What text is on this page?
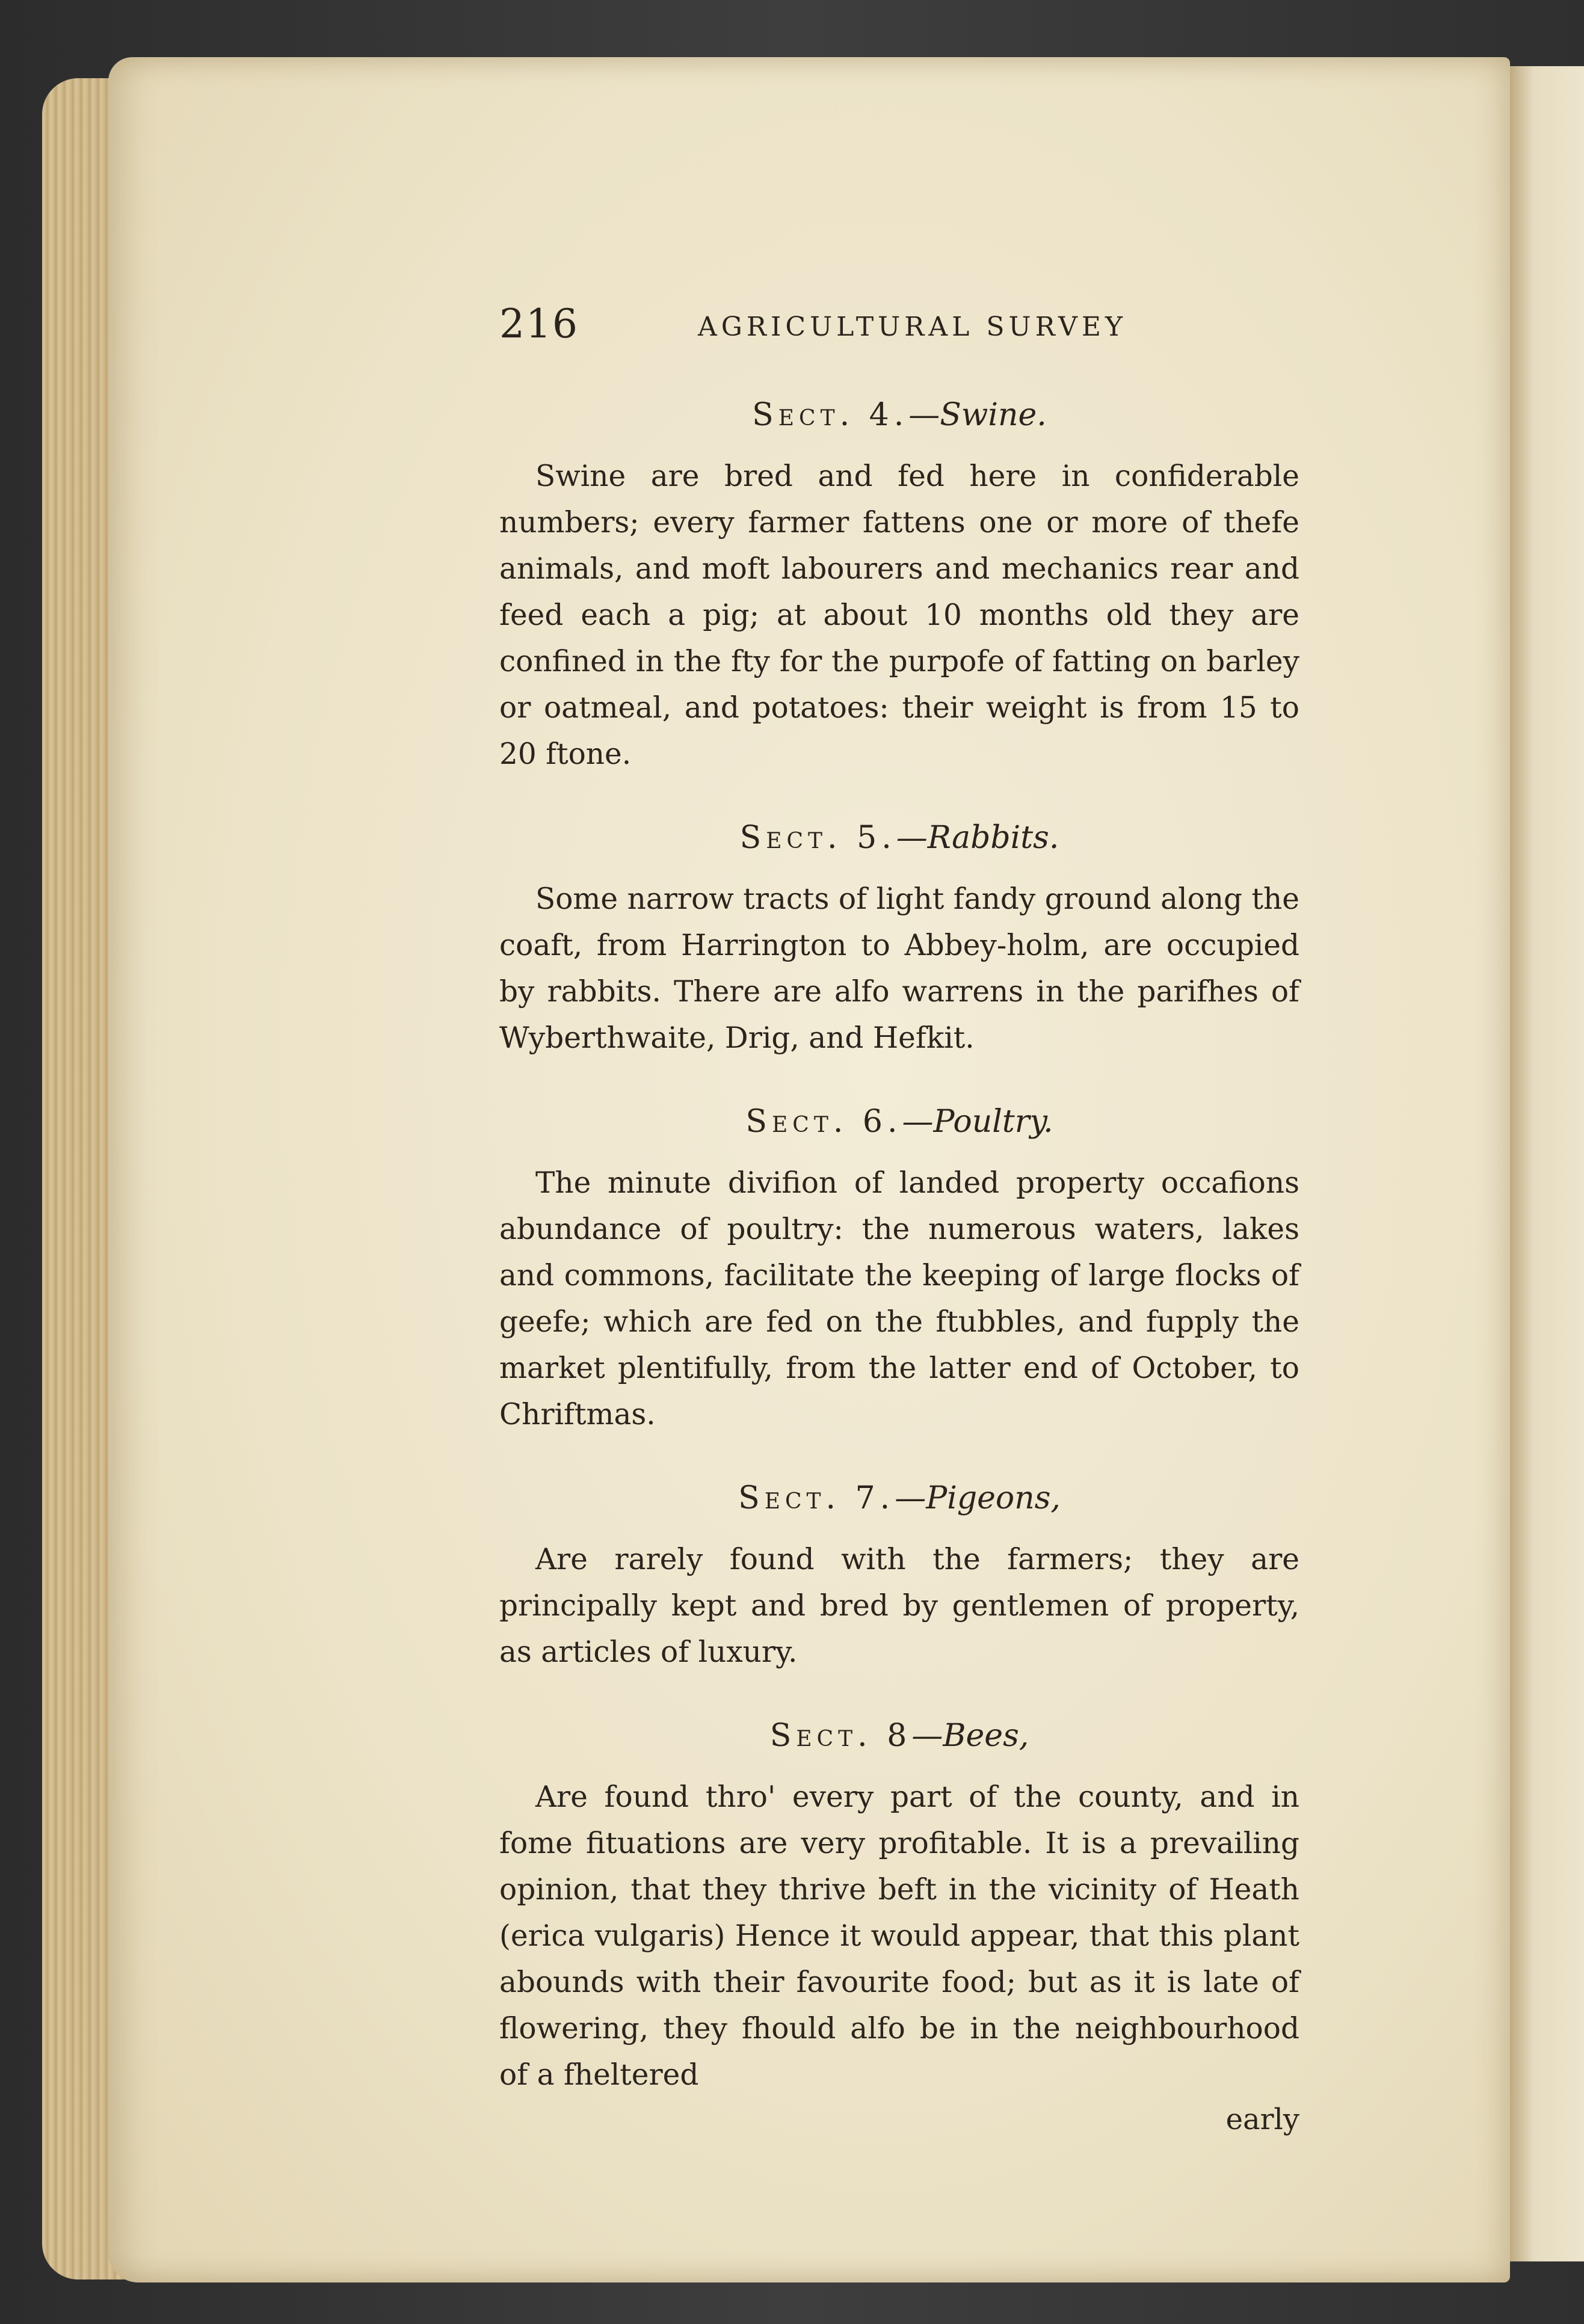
216	AGRICULTURAL SURVEY
Sect. 4.—Swine.

Swine are bred and fed here in confiderable numbers; every farmer fattens one or more of thefe animals, and moft labourers and mechanics rear and feed each a pig; at about 10 months old they are confined in the fty for the purpofe of fatting on barley or oatmeal, and potatoes: their weight is from 15 to 20 ftone.

Sect. 5.—Rabbits.

Some narrow tracts of light fandy ground along the coaft, from Harrington to Abbey-holm, are occupied by rabbits. There are alfo warrens in the parifhes of Wyberthwaite, Drig, and Hefkit.

Sect. 6.—Poultry.

The minute divifion of landed property occafions abundance of poultry: the numerous waters, lakes and commons, facilitate the keeping of large flocks of geefe; which are fed on the ftubbles, and fupply the market plentifully, from the latter end of October, to Chriftmas.

Sect. 7.—Pigeons,

Are rarely found with the farmers; they are principally kept and bred by gentlemen of property, as articles of luxury.

Sect. 8—Bees,

Are found thro' every part of the county, and in fome fituations are very profitable. It is a prevailing opinion, that they thrive beft in the vicinity of Heath (erica vulgaris) Hence it would appear, that this plant abounds with their favourite food; but as it is late of flowering, they fhould alfo be in the neighbourhood of a fheltered

early
